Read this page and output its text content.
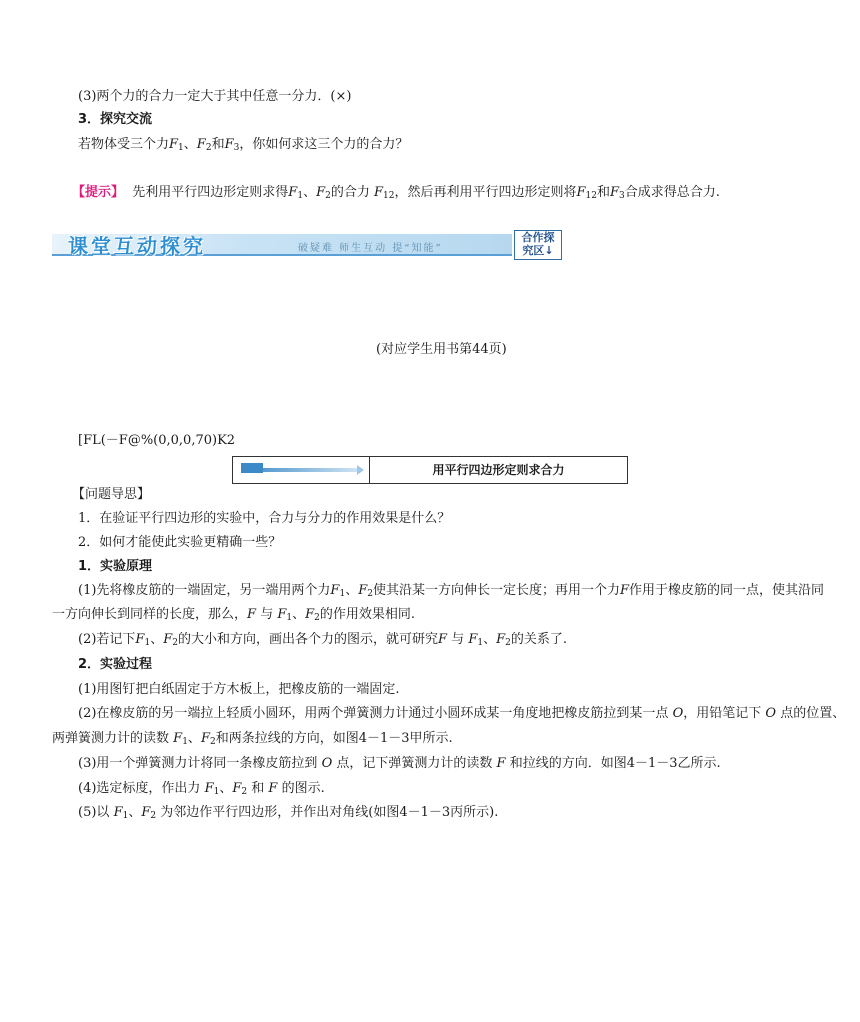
(3)两个力的合力一定大于其中任意一分力．(×)
3．探究交流
若物体受三个力$F_1$、$F_2$和$F_3$，你如何求这三个力的合力？
【提示】 先利用平行四边形定则求得$F_1$、$F_2$的合力 $F_{12}$，然后再利用平行四边形定则将$F_{12}$和$F_3$合成求得总合力.
课堂互动探究	破疑难 师生互动 提“知能”
合作探
究区↓
(对应学生用书第44页)
[FL(－F@%(0,0,0,70)K2
用平行四边形定则求合力
【问题导思】
1．在验证平行四边形的实验中，合力与分力的作用效果是什么？
2．如何才能使此实验更精确一些？
1．实验原理
(1)先将橡皮筋的一端固定，另一端用两个力$F_1$、$F_2$使其沿某一方向伸长一定长度；再用一个力F作用于橡皮筋的同一点，使其沿同
一方向伸长到同样的长度，那么，F 与 $F_1$、$F_2$的作用效果相同.
(2)若记下$F_1$、$F_2$的大小和方向，画出各个力的图示，就可研究F 与 $F_1$、$F_2$的关系了.
2．实验过程
(1)用图钉把白纸固定于方木板上，把橡皮筋的一端固定.
(2)在橡皮筋的另一端拉上轻质小圆环，用两个弹簧测力计通过小圆环成某一角度地把橡皮筋拉到某一点 O，用铅笔记下 O 点的位置、
两弹簧测力计的读数 $F_1$、$F_2$和两条拉线的方向，如图4－1－3甲所示.
(3)用一个弹簧测力计将同一条橡皮筋拉到 O 点，记下弹簧测力计的读数 F 和拉线的方向．如图4－1－3乙所示.
(4)选定标度，作出力 $F_1$、$F_2$ 和 F 的图示.
(5)以 $F_1$、$F_2$ 为邻边作平行四边形，并作出对角线(如图4－1－3丙所示).
